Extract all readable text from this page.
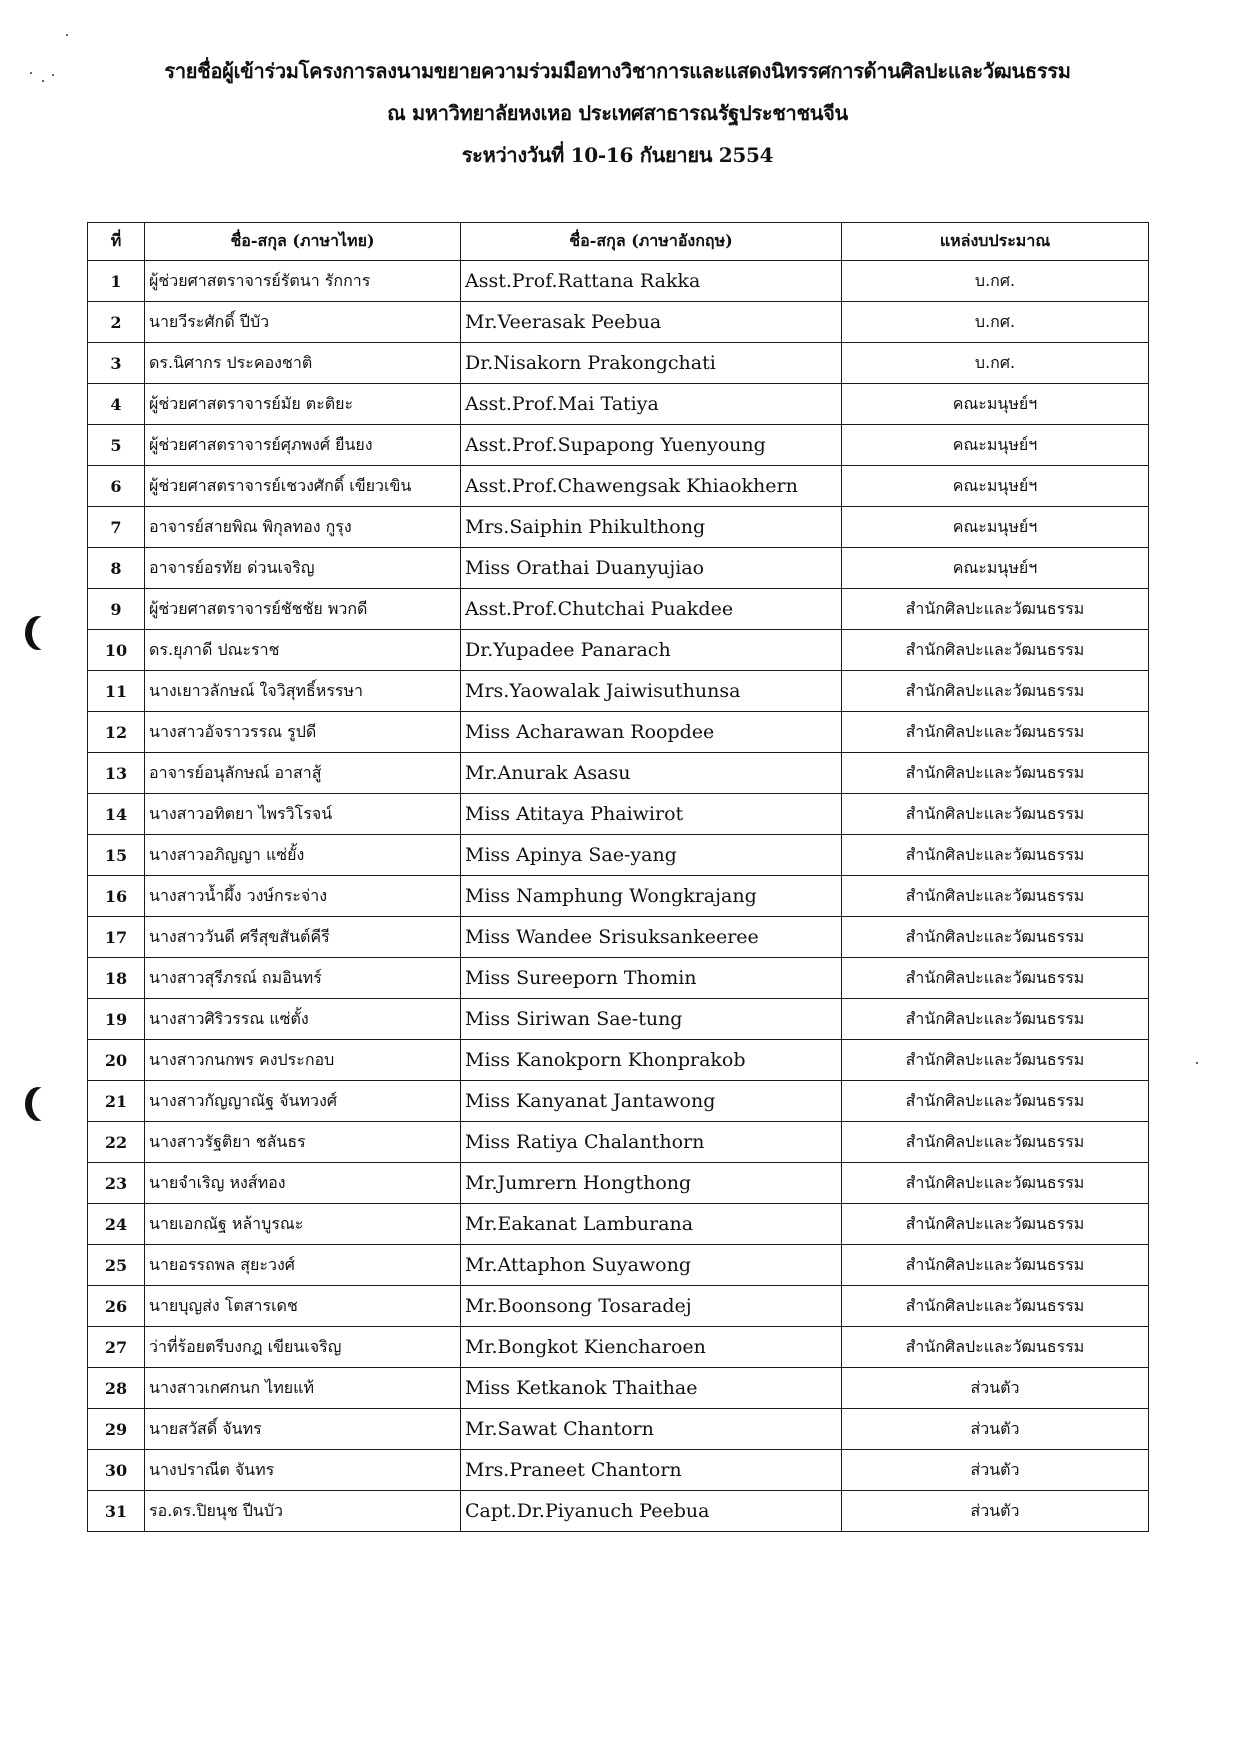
รายชื่อผู้เข้าร่วมโครงการลงนามขยายความร่วมมือทางวิชาการและแสดงนิทรรศการด้านศิลปะและวัฒนธรรม
ณ มหาวิทยาลัยหงเหอ ประเทศสาธารณรัฐประชาชนจีน
ระหว่างวันที่ 10-16 กันยายน 2554
ที่	ชื่อ-สกุล (ภาษาไทย)	ชื่อ-สกุล (ภาษาอังกฤษ)	แหล่งบประมาณ
1	ผู้ช่วยศาสตราจารย์รัตนา รักการ	Asst.Prof.Rattana Rakka	บ.กศ.
2	นายวีระศักดิ์ ปีบัว	Mr.Veerasak Peebua	บ.กศ.
3	ดร.นิศากร ประคองชาติ	Dr.Nisakorn Prakongchati	บ.กศ.
4	ผู้ช่วยศาสตราจารย์มัย ตะติยะ	Asst.Prof.Mai Tatiya	คณะมนุษย์ฯ
5	ผู้ช่วยศาสตราจารย์ศุภพงศ์ ยืนยง	Asst.Prof.Supapong Yuenyoung	คณะมนุษย์ฯ
6	ผู้ช่วยศาสตราจารย์เชวงศักดิ์ เขียวเขิน	Asst.Prof.Chawengsak Khiaokhern	คณะมนุษย์ฯ
7	อาจารย์สายพิณ พิกุลทอง กูรุง	Mrs.Saiphin Phikulthong	คณะมนุษย์ฯ
8	อาจารย์อรทัย ด่วนเจริญ	Miss Orathai Duanyujiao	คณะมนุษย์ฯ
9	ผู้ช่วยศาสตราจารย์ชัชชัย พวกดี	Asst.Prof.Chutchai Puakdee	สำนักศิลปะและวัฒนธรรม
10	ดร.ยุภาดี ปณะราช	Dr.Yupadee Panarach	สำนักศิลปะและวัฒนธรรม
11	นางเยาวลักษณ์ ใจวิสุทธิ์หรรษา	Mrs.Yaowalak Jaiwisuthunsa	สำนักศิลปะและวัฒนธรรม
12	นางสาวอัจราวรรณ รูปดี	Miss Acharawan Roopdee	สำนักศิลปะและวัฒนธรรม
13	อาจารย์อนุลักษณ์ อาสาสู้	Mr.Anurak Asasu	สำนักศิลปะและวัฒนธรรม
14	นางสาวอทิตยา ไพรวิโรจน์	Miss Atitaya Phaiwirot	สำนักศิลปะและวัฒนธรรม
15	นางสาวอภิญญา แซ่ยั้ง	Miss Apinya Sae-yang	สำนักศิลปะและวัฒนธรรม
16	นางสาวน้ำผึ้ง วงษ์กระจ่าง	Miss Namphung Wongkrajang	สำนักศิลปะและวัฒนธรรม
17	นางสาววันดี ศรีสุขสันต์คีรี	Miss Wandee Srisuksankeeree	สำนักศิลปะและวัฒนธรรม
18	นางสาวสุรีภรณ์ ถมอินทร์	Miss Sureeporn Thomin	สำนักศิลปะและวัฒนธรรม
19	นางสาวศิริวรรณ แซ่ตั้ง	Miss Siriwan Sae-tung	สำนักศิลปะและวัฒนธรรม
20	นางสาวกนกพร คงประกอบ	Miss Kanokporn Khonprakob	สำนักศิลปะและวัฒนธรรม
21	นางสาวกัญญาณัฐ จันทวงศ์	Miss Kanyanat Jantawong	สำนักศิลปะและวัฒนธรรม
22	นางสาวรัฐติยา ชลันธร	Miss Ratiya Chalanthorn	สำนักศิลปะและวัฒนธรรม
23	นายจำเริญ หงส์ทอง	Mr.Jumrern Hongthong	สำนักศิลปะและวัฒนธรรม
24	นายเอกณัฐ หล้าบูรณะ	Mr.Eakanat Lamburana	สำนักศิลปะและวัฒนธรรม
25	นายอรรถพล สุยะวงศ์	Mr.Attaphon Suyawong	สำนักศิลปะและวัฒนธรรม
26	นายบุญส่ง โตสารเดช	Mr.Boonsong Tosaradej	สำนักศิลปะและวัฒนธรรม
27	ว่าที่ร้อยตรีบงกฎ เขียนเจริญ	Mr.Bongkot Kiencharoen	สำนักศิลปะและวัฒนธรรม
28	นางสาวเกศกนก ไทยแท้	Miss Ketkanok Thaithae	ส่วนตัว
29	นายสวัสดิ์ จันทร	Mr.Sawat Chantorn	ส่วนตัว
30	นางปราณีต จันทร	Mrs.Praneet Chantorn	ส่วนตัว
31	รอ.ดร.ปิยนุช ปีนบัว	Capt.Dr.Piyanuch Peebua	ส่วนตัว
